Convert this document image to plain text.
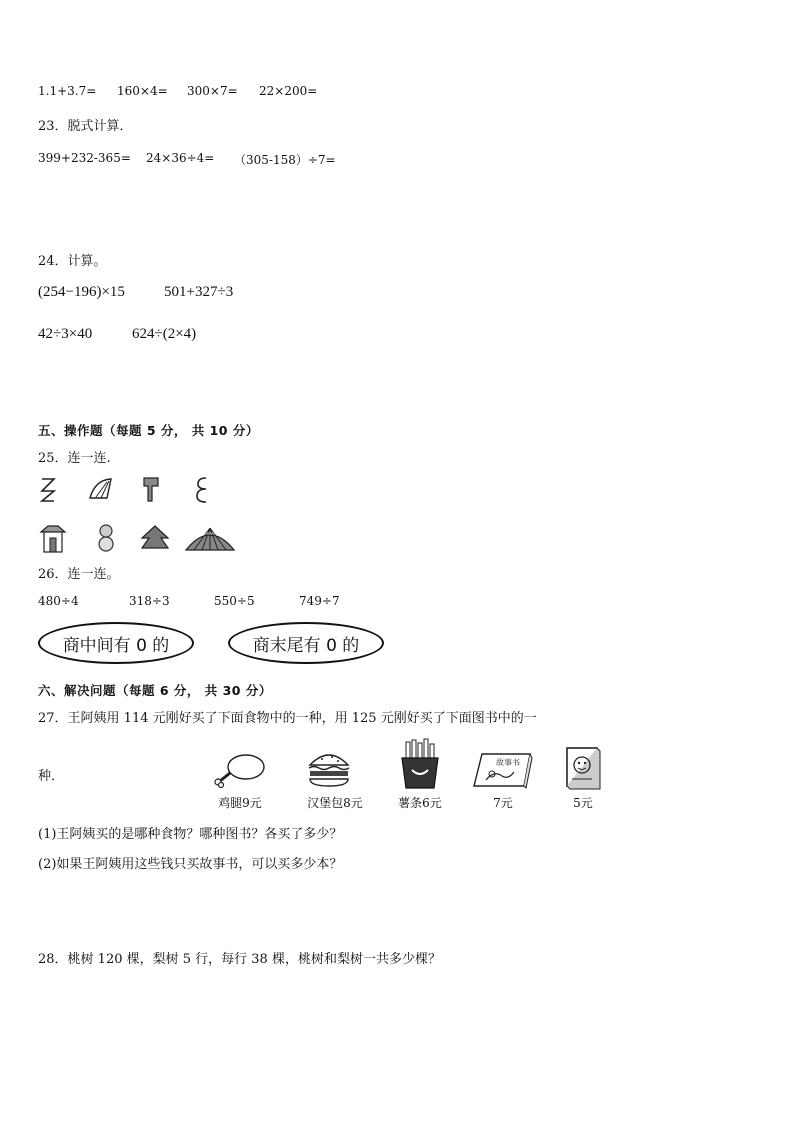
1.1+3.7= 160×4= 300×7= 22×200=
23．脱式计算．
399+232-365= 24×36÷4= （305-158）÷7=
24．计算。
(254−196)×15	501+327÷3
42÷3×40	624÷(2×4)
五、操作题（每题 5 分， 共 10 分）
25．连一连.
26．连一连。
480÷4	318÷3	550÷5	749÷7
商中间有 0 的	商末尾有 0 的
六、解决问题（每题 6 分， 共 30 分）
27．王阿姨用 114 元刚好买了下面食物中的一种，用 125 元刚好买了下面图书中的一
种．
鸡腿9元	汉堡包8元	薯条6元
故事书
7元	5元
(1)王阿姨买的是哪种食物？哪种图书？各买了多少？
(2)如果王阿姨用这些钱只买故事书，可以买多少本？
28．桃树 120 棵，梨树 5 行，每行 38 棵，桃树和梨树一共多少棵？
